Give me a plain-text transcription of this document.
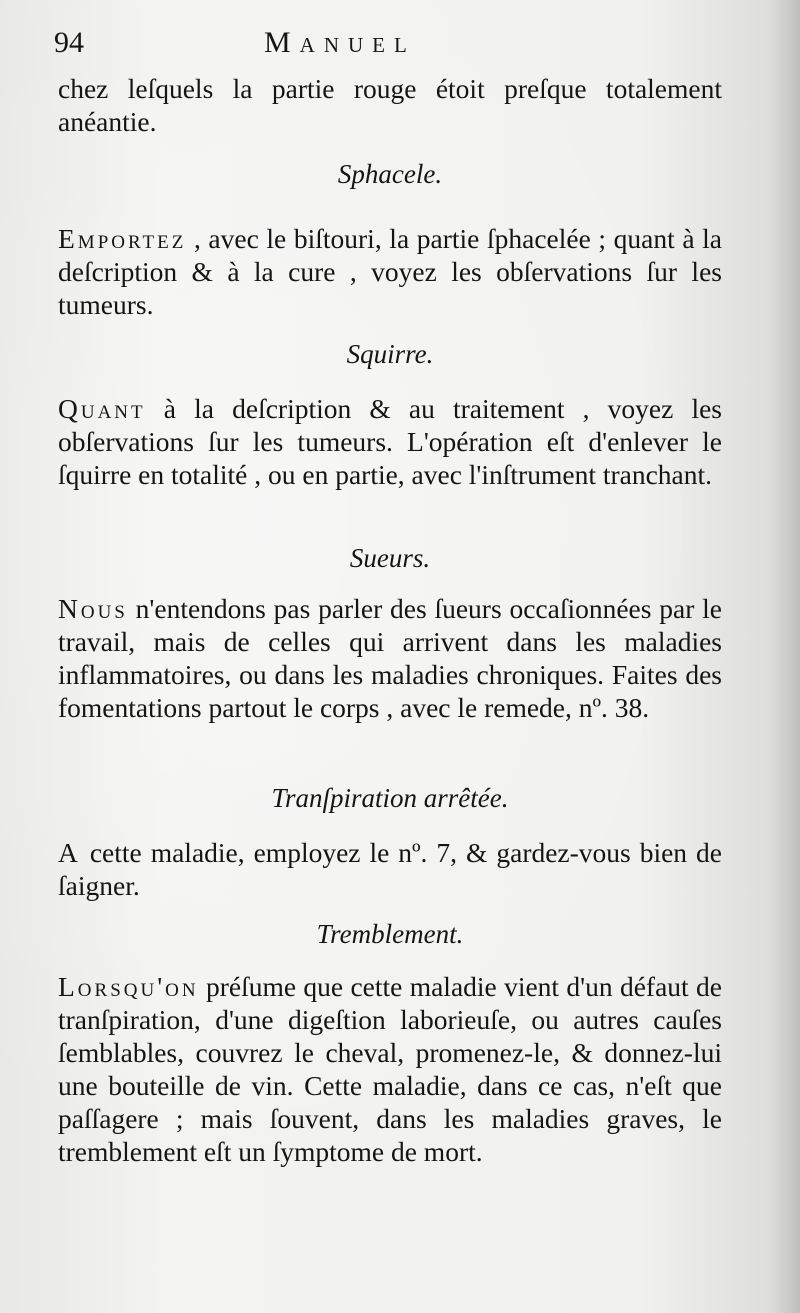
94	Manuel

chez leſquels la partie rouge étoit preſque totalement anéantie.

Sphacele.

Emportez , avec le biſtouri, la partie ſphacelée ; quant à la deſcription & à la cure , voyez les obſervations ſur les tumeurs.

Squirre.

Quant à la deſcription & au traitement , voyez les obſervations ſur les tumeurs. L'opération eſt d'enlever le ſquirre en totalité , ou en partie, avec l'inſtrument tranchant.

Sueurs.

Nous n'entendons pas parler des ſueurs occaſionnées par le travail, mais de celles qui arrivent dans les maladies inflammatoires, ou dans les maladies chroniques. Faites des fomentations partout le corps , avec le remede, nº. 38.

Tranſpiration arrêtée.

A cette maladie, employez le nº. 7, & gardez-vous bien de ſaigner.

Tremblement.

Lorsqu'on préſume que cette maladie vient d'un défaut de tranſpiration, d'une digeſtion laborieuſe, ou autres cauſes ſemblables, couvrez le cheval, promenez-le, & donnez-lui une bouteille de vin. Cette maladie, dans ce cas, n'eſt que paſſagere ; mais ſouvent, dans les maladies graves, le tremblement eſt un ſymptome de mort.
